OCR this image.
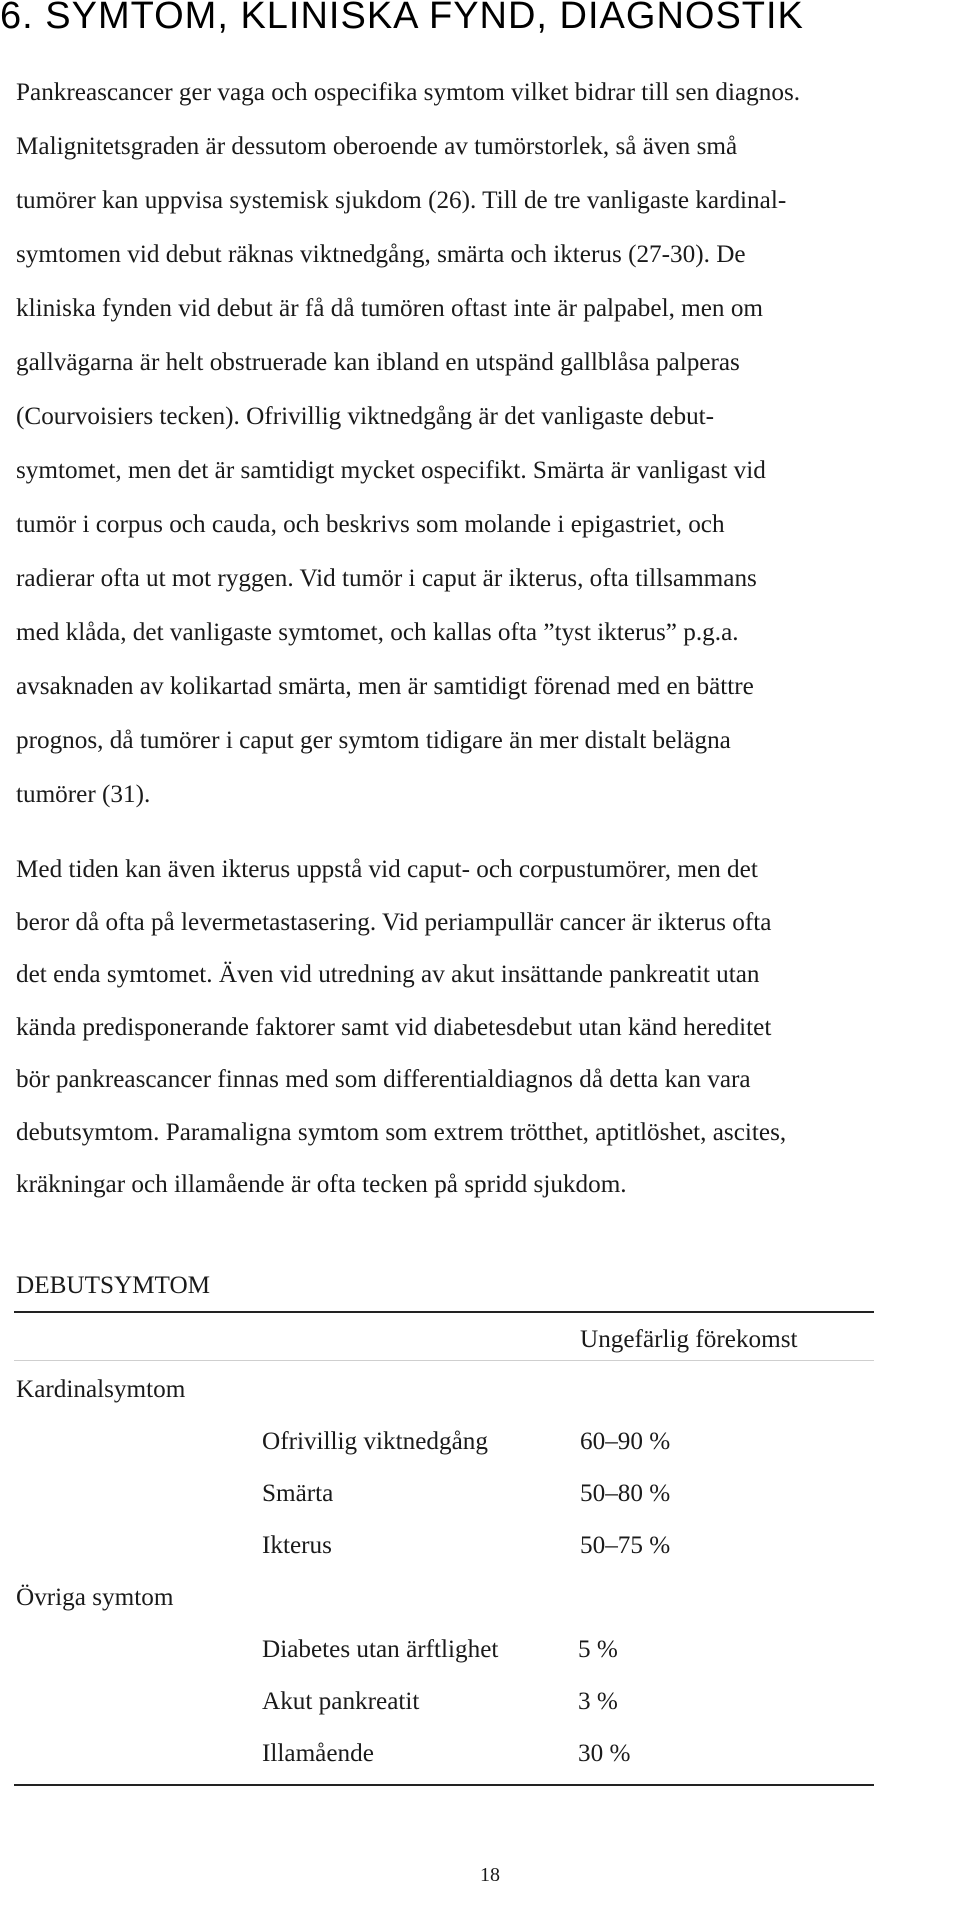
6. SYMTOM, KLINISKA FYND, DIAGNOSTIK
Pankreascancer ger vaga och ospecifika symtom vilket bidrar till sen diagnos.
Malignitetsgraden är dessutom oberoende av tumörstorlek, så även små
tumörer kan uppvisa systemisk sjukdom (26). Till de tre vanligaste kardinal-
symtomen vid debut räknas viktnedgång, smärta och ikterus (27-30). De
kliniska fynden vid debut är få då tumören oftast inte är palpabel, men om
gallvägarna är helt obstruerade kan ibland en utspänd gallblåsa palperas
(Courvoisiers tecken). Ofrivillig viktnedgång är det vanligaste debut-
symtomet, men det är samtidigt mycket ospecifikt. Smärta är vanligast vid
tumör i corpus och cauda, och beskrivs som molande i epigastriet, och
radierar ofta ut mot ryggen. Vid tumör i caput är ikterus, ofta tillsammans
med klåda, det vanligaste symtomet, och kallas ofta ”tyst ikterus” p.g.a.
avsaknaden av kolikartad smärta, men är samtidigt förenad med en bättre
prognos, då tumörer i caput ger symtom tidigare än mer distalt belägna
tumörer (31).
Med tiden kan även ikterus uppstå vid caput- och corpustumörer, men det
beror då ofta på levermetastasering. Vid periampullär cancer är ikterus ofta
det enda symtomet. Även vid utredning av akut insättande pankreatit utan
kända predisponerande faktorer samt vid diabetesdebut utan känd hereditet
bör pankreascancer finnas med som differentialdiagnos då detta kan vara
debutsymtom. Paramaligna symtom som extrem trötthet, aptitlöshet, ascites,
kräkningar och illamående är ofta tecken på spridd sjukdom.
DEBUTSYMTOM
Ungefärlig förekomst
Kardinalsymtom
Ofrivillig viktnedgång	60–90 %
Smärta	50–80 %
Ikterus	50–75 %
Övriga symtom
Diabetes utan ärftlighet	5 %
Akut pankreatit	3 %
Illamående	30 %
18
